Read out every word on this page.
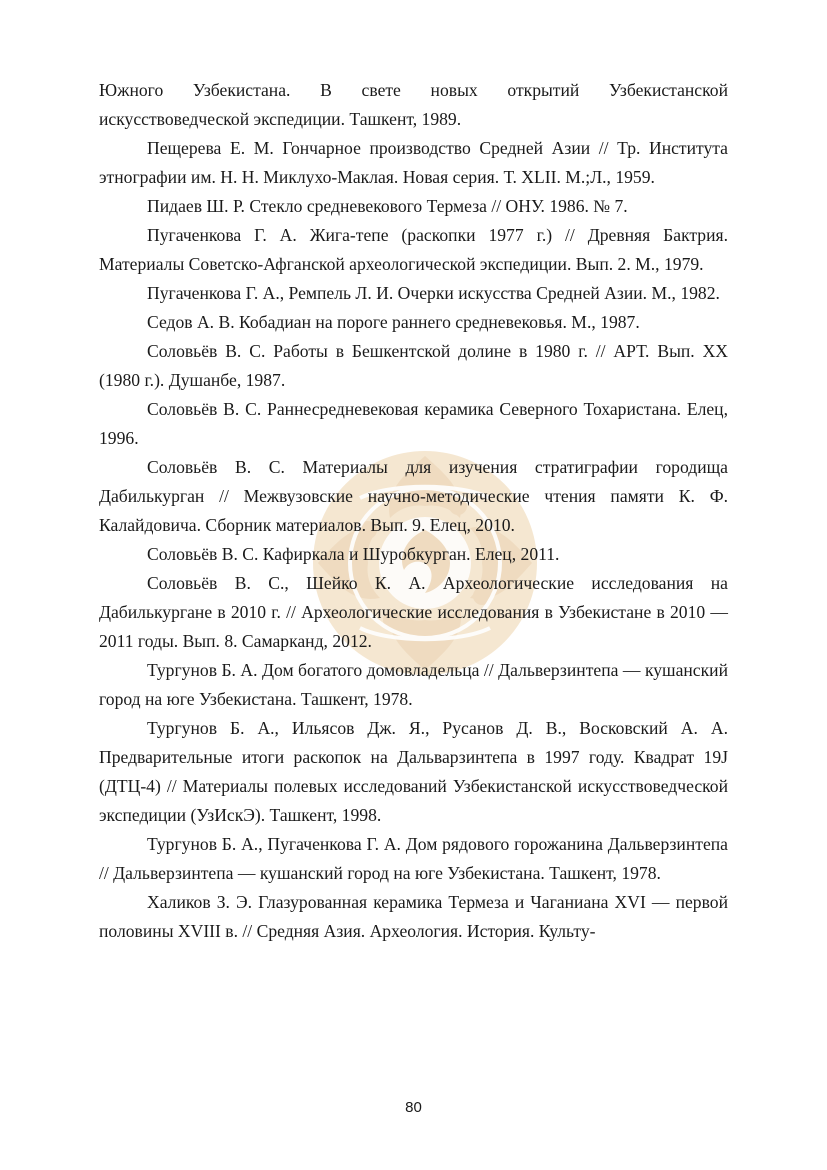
Южного Узбекистана. В свете новых открытий Узбекистанской искусствоведческой экспедиции. Ташкент, 1989.

Пещерева Е. М. Гончарное производство Средней Азии // Тр. Института этнографии им. Н. Н. Миклухо-Маклая. Новая серия. Т. XLII. М.;Л., 1959.

Пидаев Ш. Р. Стекло средневекового Термеза // ОНУ. 1986. № 7.

Пугаченкова Г. А. Жига-тепе (раскопки 1977 г.) // Древняя Бактрия. Материалы Советско-Афганской археологической экспедиции. Вып. 2. М., 1979.

Пугаченкова Г. А., Ремпель Л. И. Очерки искусства Средней Азии. М., 1982.

Седов А. В. Кобадиан на пороге раннего средневековья. М., 1987.

Соловьёв В. С. Работы в Бешкентской долине в 1980 г. // АРТ. Вып. XX (1980 г.). Душанбе, 1987.

Соловьёв В. С. Раннесредневековая керамика Северного Тохаристана. Елец, 1996.

Соловьёв В. С. Материалы для изучения стратиграфии городища Дабилькурган // Межвузовские научно-методические чтения памяти К. Ф. Калайдовича. Сборник материалов. Вып. 9. Елец, 2010.

Соловьёв В. С. Кафиркала и Шуробкурган. Елец, 2011.

Соловьёв В. С., Шейко К. А. Археологические исследования на Дабилькургане в 2010 г. // Археологические исследования в Узбекистане в 2010 — 2011 годы. Вып. 8. Самарканд, 2012.

Тургунов Б. А. Дом богатого домовладельца // Дальверзинтепа — кушанский город на юге Узбекистана. Ташкент, 1978.

Тургунов Б. А., Ильясов Дж. Я., Русанов Д. В., Восковский А. А. Предварительные итоги раскопок на Дальварзинтепа в 1997 году. Квадрат 19J (ДТЦ-4) // Материалы полевых исследований Узбекистанской искусствоведческой экспедиции (УзИскЭ). Ташкент, 1998.

Тургунов Б. А., Пугаченкова Г. А. Дом рядового горожанина Дальверзинтепа // Дальверзинтепа — кушанский город на юге Узбекистана. Ташкент, 1978.

Халиков З. Э. Глазурованная керамика Термеза и Чаганиана XVI — первой половины XVIII в. // Средняя Азия. Археология. История. Культу-

80
